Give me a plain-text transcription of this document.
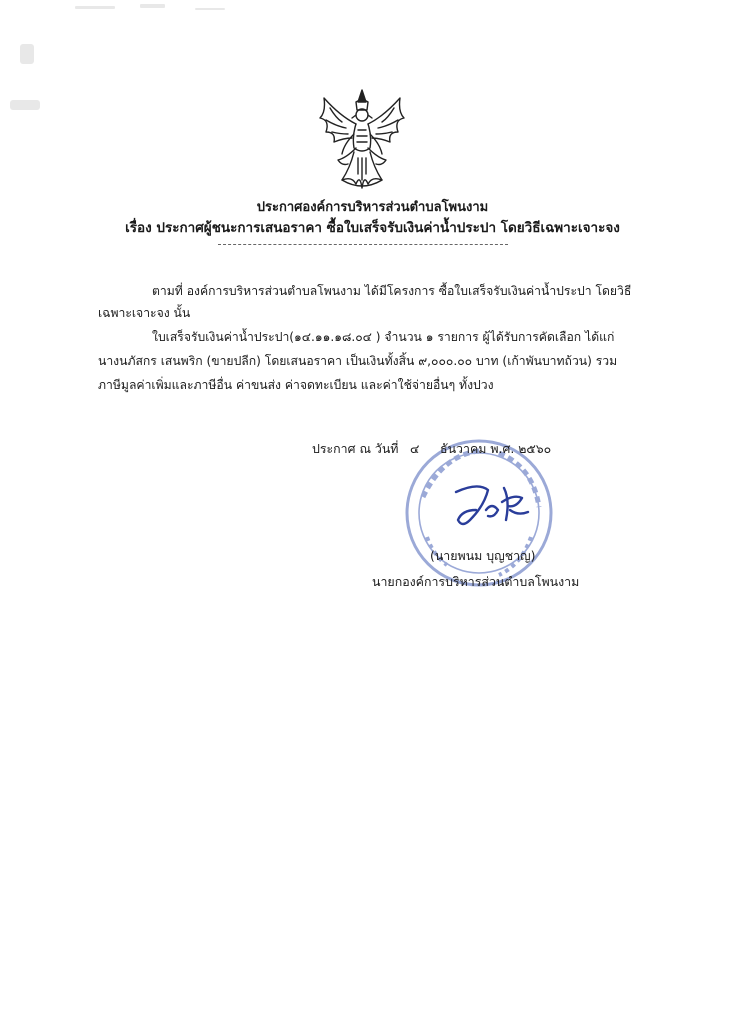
ประกาศองค์การบริหารส่วนตำบลโพนงาม
เรื่อง ประกาศผู้ชนะการเสนอราคา ซื้อใบเสร็จรับเงินค่าน้ำประปา โดยวิธีเฉพาะเจาะจง
ตามที่ องค์การบริหารส่วนตำบลโพนงาม ได้มีโครงการ ซื้อใบเสร็จรับเงินค่าน้ำประปา โดยวิธี
เฉพาะเจาะจง นั้น
ใบเสร็จรับเงินค่าน้ำประปา(๑๔.๑๑.๑๘.๐๔ ) จำนวน ๑ รายการ ผู้ได้รับการคัดเลือก ได้แก่
นางนภัสกร เสนพริก (ขายปลีก) โดยเสนอราคา เป็นเงินทั้งสิ้น ๙,๐๐๐.๐๐ บาท (เก้าพันบาทถ้วน) รวม
ภาษีมูลค่าเพิ่มและภาษีอื่น ค่าขนส่ง ค่าจดทะเบียน และค่าใช้จ่ายอื่นๆ ทั้งปวง
ประกาศ ณ วันที่ ๔ ธันวาคม พ.ศ. ๒๕๖๐
(นายพนม บุญชาญ)
นายกองค์การบริหารส่วนตำบลโพนงาม
